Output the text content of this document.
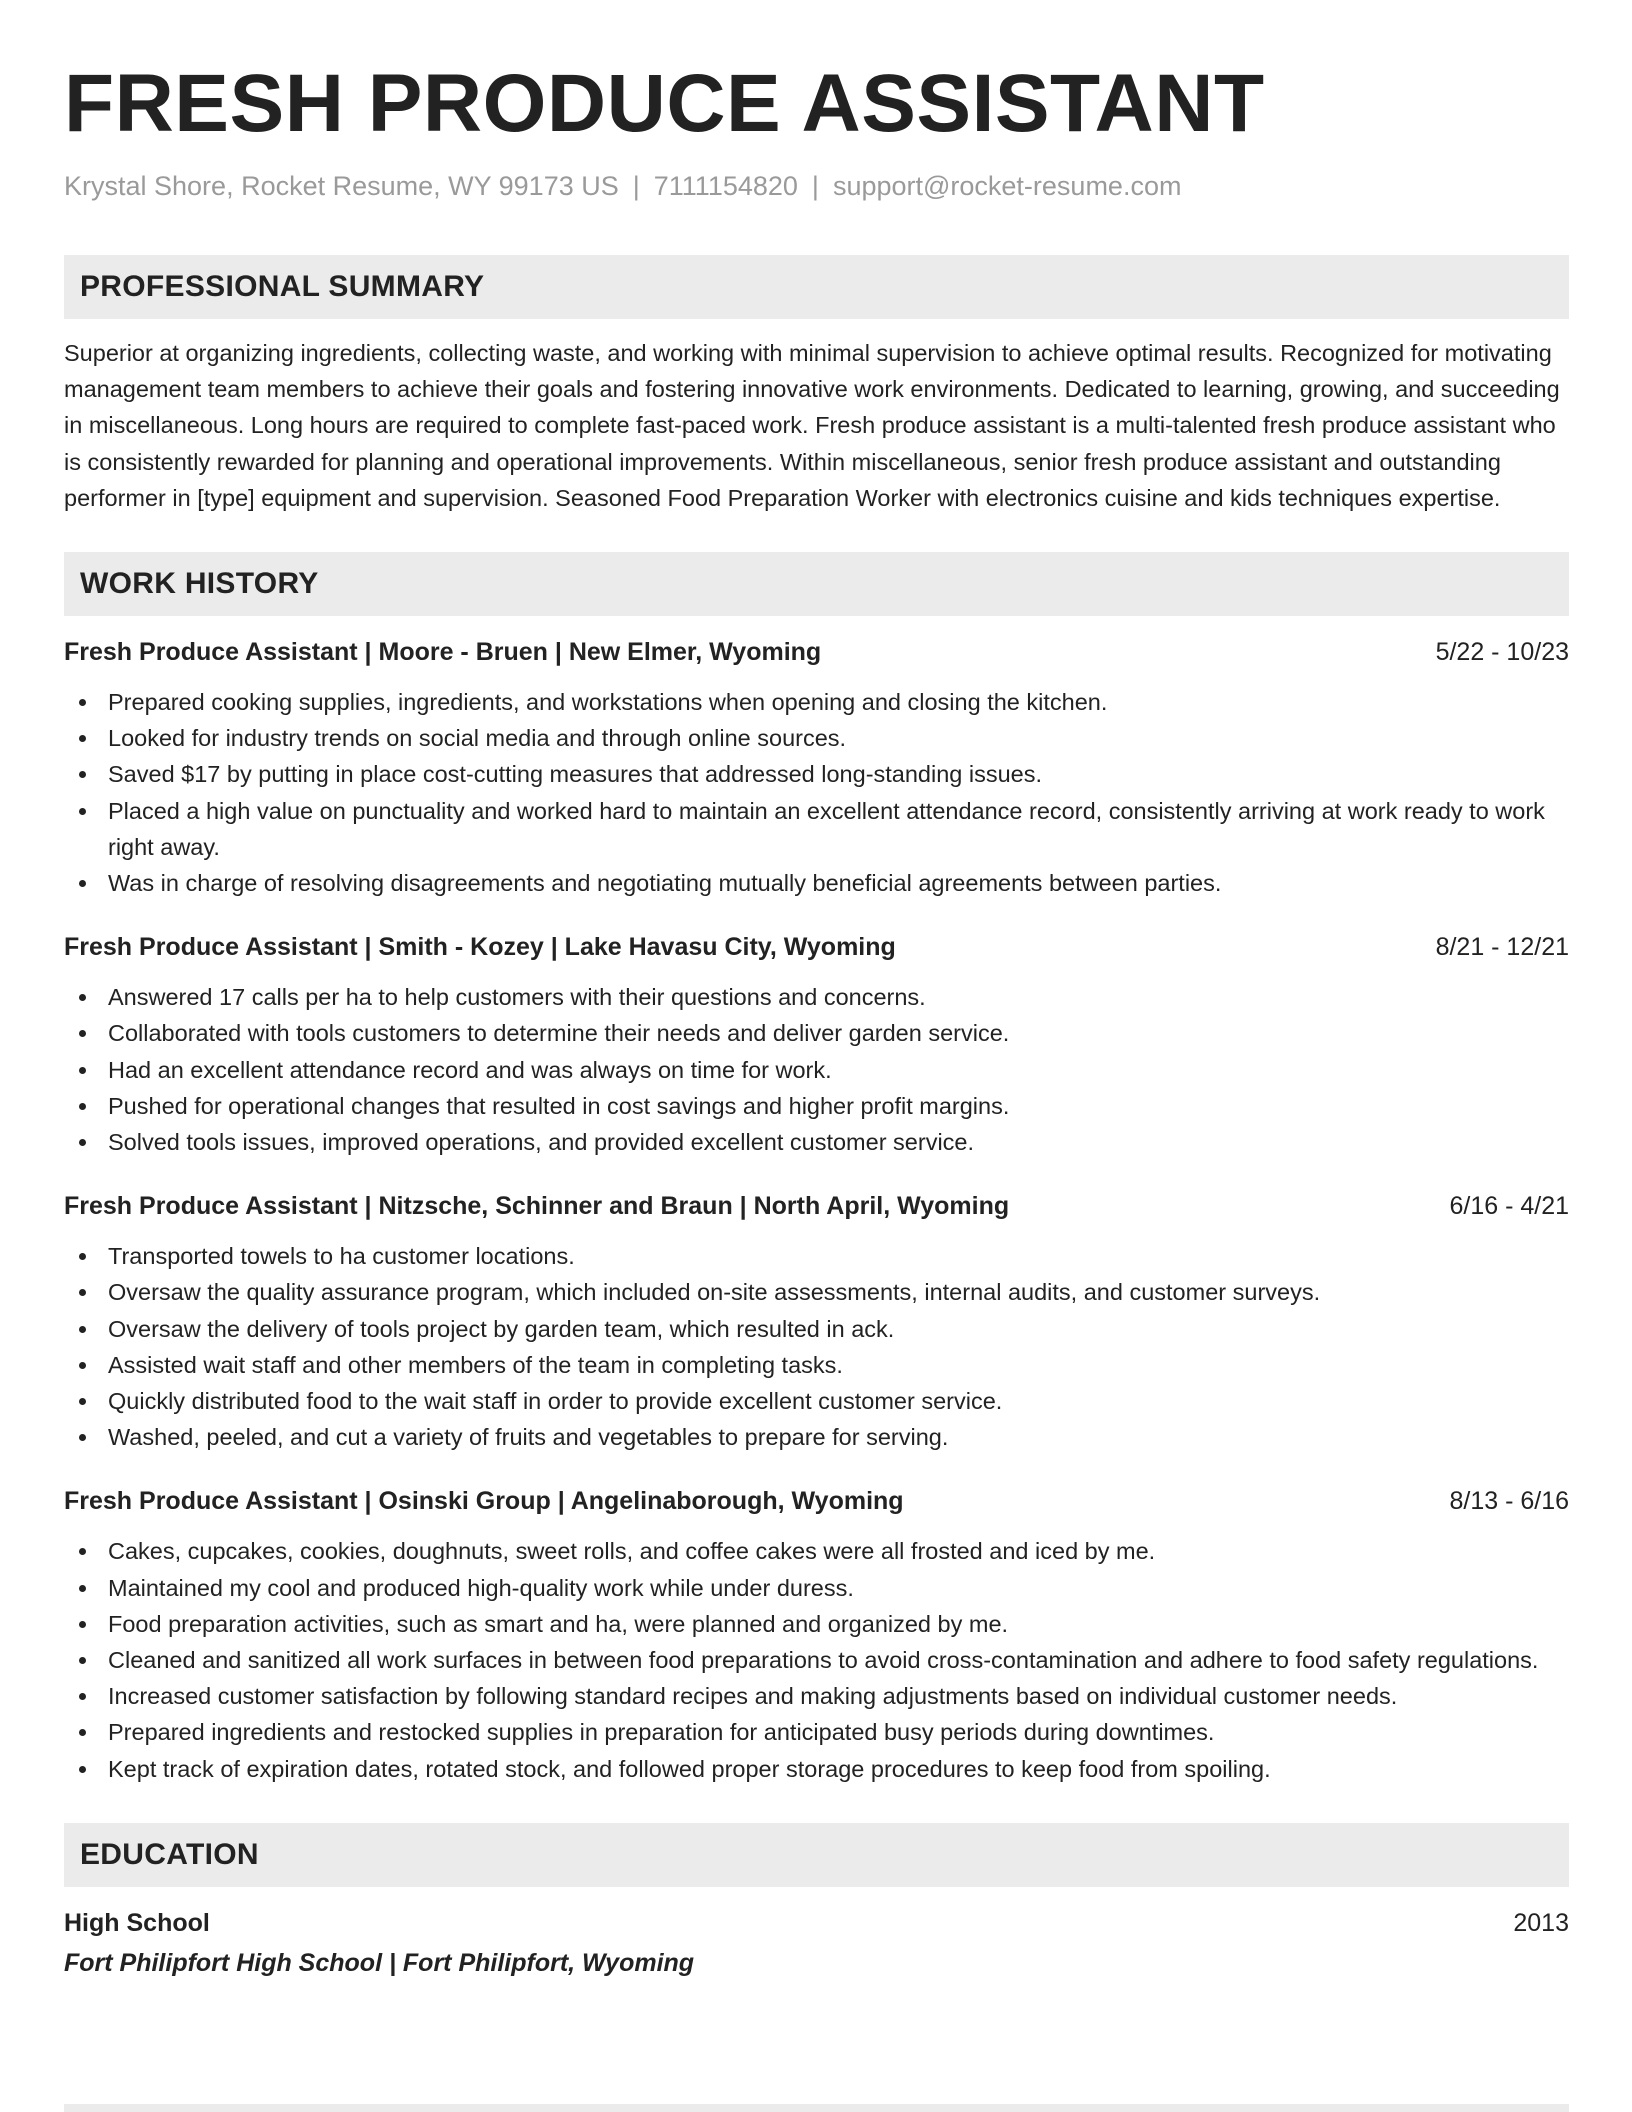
FRESH PRODUCE ASSISTANT
Krystal Shore, Rocket Resume, WY 99173 US | 7111154820 | support@rocket-resume.com
PROFESSIONAL SUMMARY

Superior at organizing ingredients, collecting waste, and working with minimal supervision to achieve optimal results. Recognized for motivating management team members to achieve their goals and fostering innovative work environments. Dedicated to learning, growing, and succeeding in miscellaneous. Long hours are required to complete fast-paced work. Fresh produce assistant is a multi-talented fresh produce assistant who is consistently rewarded for planning and operational improvements. Within miscellaneous, senior fresh produce assistant and outstanding performer in [type] equipment and supervision. Seasoned Food Preparation Worker with electronics cuisine and kids techniques expertise.

WORK HISTORY
Fresh Produce Assistant | Moore - Bruen | New Elmer, Wyoming	5/22 - 10/23
Prepared cooking supplies, ingredients, and workstations when opening and closing the kitchen.
Looked for industry trends on social media and through online sources.
Saved $17 by putting in place cost-cutting measures that addressed long-standing issues.
Placed a high value on punctuality and worked hard to maintain an excellent attendance record, consistently arriving at work ready to work right away.
Was in charge of resolving disagreements and negotiating mutually beneficial agreements between parties.
Fresh Produce Assistant | Smith - Kozey | Lake Havasu City, Wyoming	8/21 - 12/21
Answered 17 calls per ha to help customers with their questions and concerns.
Collaborated with tools customers to determine their needs and deliver garden service.
Had an excellent attendance record and was always on time for work.
Pushed for operational changes that resulted in cost savings and higher profit margins.
Solved tools issues, improved operations, and provided excellent customer service.
Fresh Produce Assistant | Nitzsche, Schinner and Braun | North April, Wyoming	6/16 - 4/21
Transported towels to ha customer locations.
Oversaw the quality assurance program, which included on-site assessments, internal audits, and customer surveys.
Oversaw the delivery of tools project by garden team, which resulted in ack.
Assisted wait staff and other members of the team in completing tasks.
Quickly distributed food to the wait staff in order to provide excellent customer service.
Washed, peeled, and cut a variety of fruits and vegetables to prepare for serving.
Fresh Produce Assistant | Osinski Group | Angelinaborough, Wyoming	8/13 - 6/16
Cakes, cupcakes, cookies, doughnuts, sweet rolls, and coffee cakes were all frosted and iced by me.
Maintained my cool and produced high-quality work while under duress.
Food preparation activities, such as smart and ha, were planned and organized by me.
Cleaned and sanitized all work surfaces in between food preparations to avoid cross-contamination and adhere to food safety regulations.
Increased customer satisfaction by following standard recipes and making adjustments based on individual customer needs.
Prepared ingredients and restocked supplies in preparation for anticipated busy periods during downtimes.
Kept track of expiration dates, rotated stock, and followed proper storage procedures to keep food from spoiling.
EDUCATION
High School	2013
Fort Philipfort High School | Fort Philipfort, Wyoming
